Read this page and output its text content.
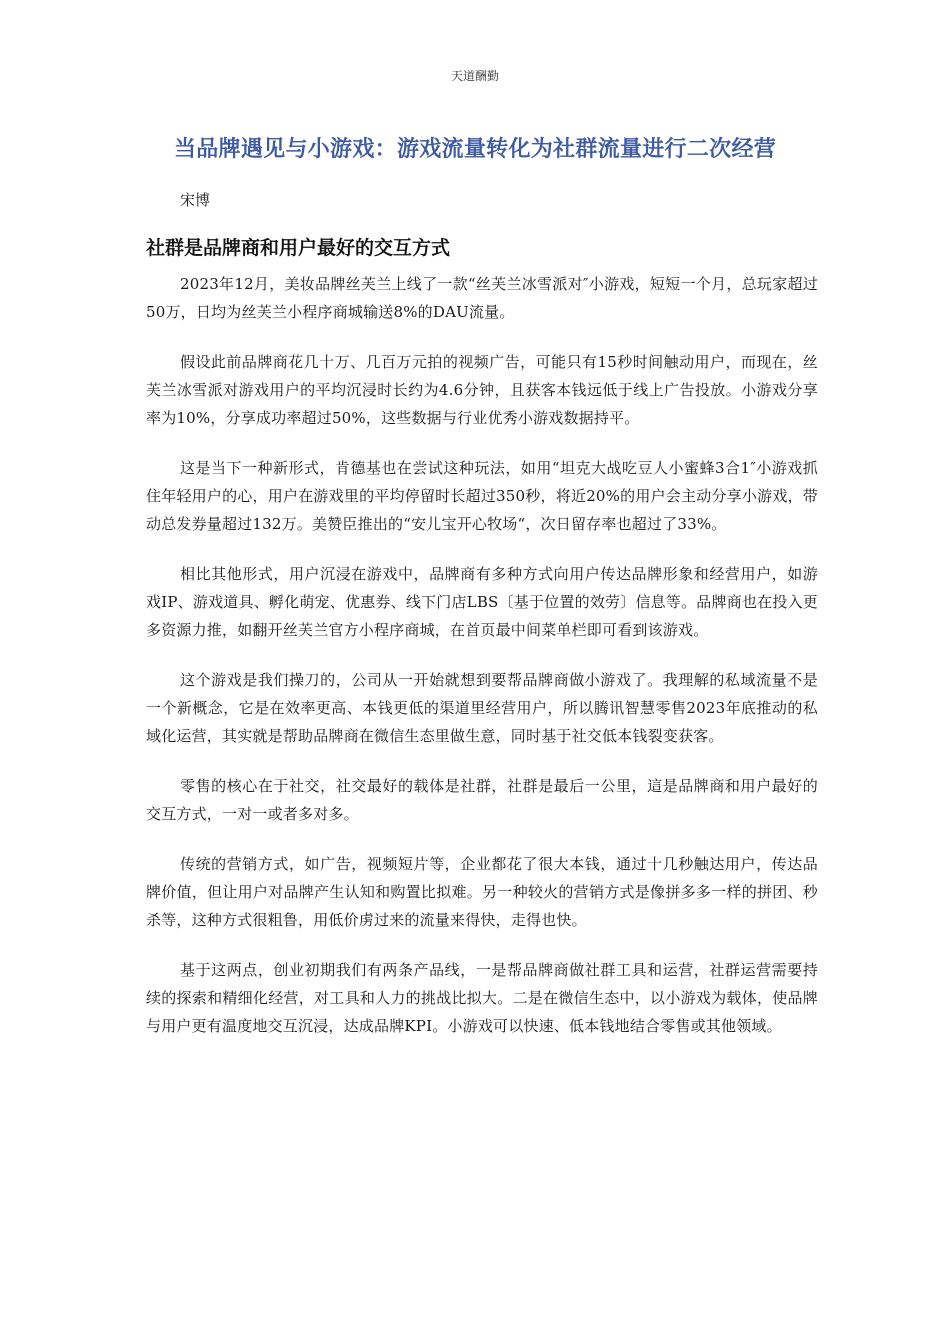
天道酬勤
当品牌遇见与小游戏：游戏流量转化为社群流量进行二次经营
宋博
社群是品牌商和用户最好的交互方式

2023年12月，美妆品牌丝芙兰上线了一款“丝芙兰冰雪派对″小游戏，短短一个月，总玩家超过50万，日均为丝芙兰小程序商城输送8%的DAU流量。

假设此前品牌商花几十万、几百万元拍的视频广告，可能只有15秒时间触动用户，而现在，丝芙兰冰雪派对游戏用户的平均沉浸时长约为4.6分钟，且获客本钱远低于线上广告投放。小游戏分享率为10%，分享成功率超过50%，这些数据与行业优秀小游戏数据持平。

这是当下一种新形式，肯德基也在尝试这种玩法，如用“坦克大战吃豆人小蜜蜂3合1″小游戏抓住年轻用户的心，用户在游戏里的平均停留时长超过350秒，将近20%的用户会主动分享小游戏，带动总发券量超过132万。美赞臣推出的“安儿宝开心牧场“，次日留存率也超过了33%。

相比其他形式，用户沉浸在游戏中，品牌商有多种方式向用户传达品牌形象和经营用户，如游戏IP、游戏道具、孵化萌宠、优惠券、线下门店LBS〔基于位置的效劳〕信息等。品牌商也在投入更多资源力推，如翻开丝芙兰官方小程序商城，在首页最中间菜单栏即可看到该游戏。

这个游戏是我们操刀的，公司从一开始就想到要帮品牌商做小游戏了。我理解的私域流量不是一个新概念，它是在效率更高、本钱更低的渠道里经营用户，所以腾讯智慧零售2023年底推动的私域化运营，其实就是帮助品牌商在微信生态里做生意，同时基于社交低本钱裂变获客。

零售的核心在于社交，社交最好的载体是社群，社群是最后一公里，這是品牌商和用户最好的交互方式，一对一或者多对多。

传统的营销方式，如广告，视频短片等，企业都花了很大本钱，通过十几秒触达用户，传达品牌价值，但让用户对品牌产生认知和购置比拟难。另一种较火的营销方式是像拼多多一样的拼团、秒杀等，这种方式很粗鲁，用低价虏过来的流量来得快，走得也快。

基于这两点，创业初期我们有两条产品线，一是帮品牌商做社群工具和运营，社群运营需要持续的探索和精细化经营，对工具和人力的挑战比拟大。二是在微信生态中，以小游戏为载体，使品牌与用户更有温度地交互沉浸，达成品牌KPI。小游戏可以快速、低本钱地结合零售或其他领域。
